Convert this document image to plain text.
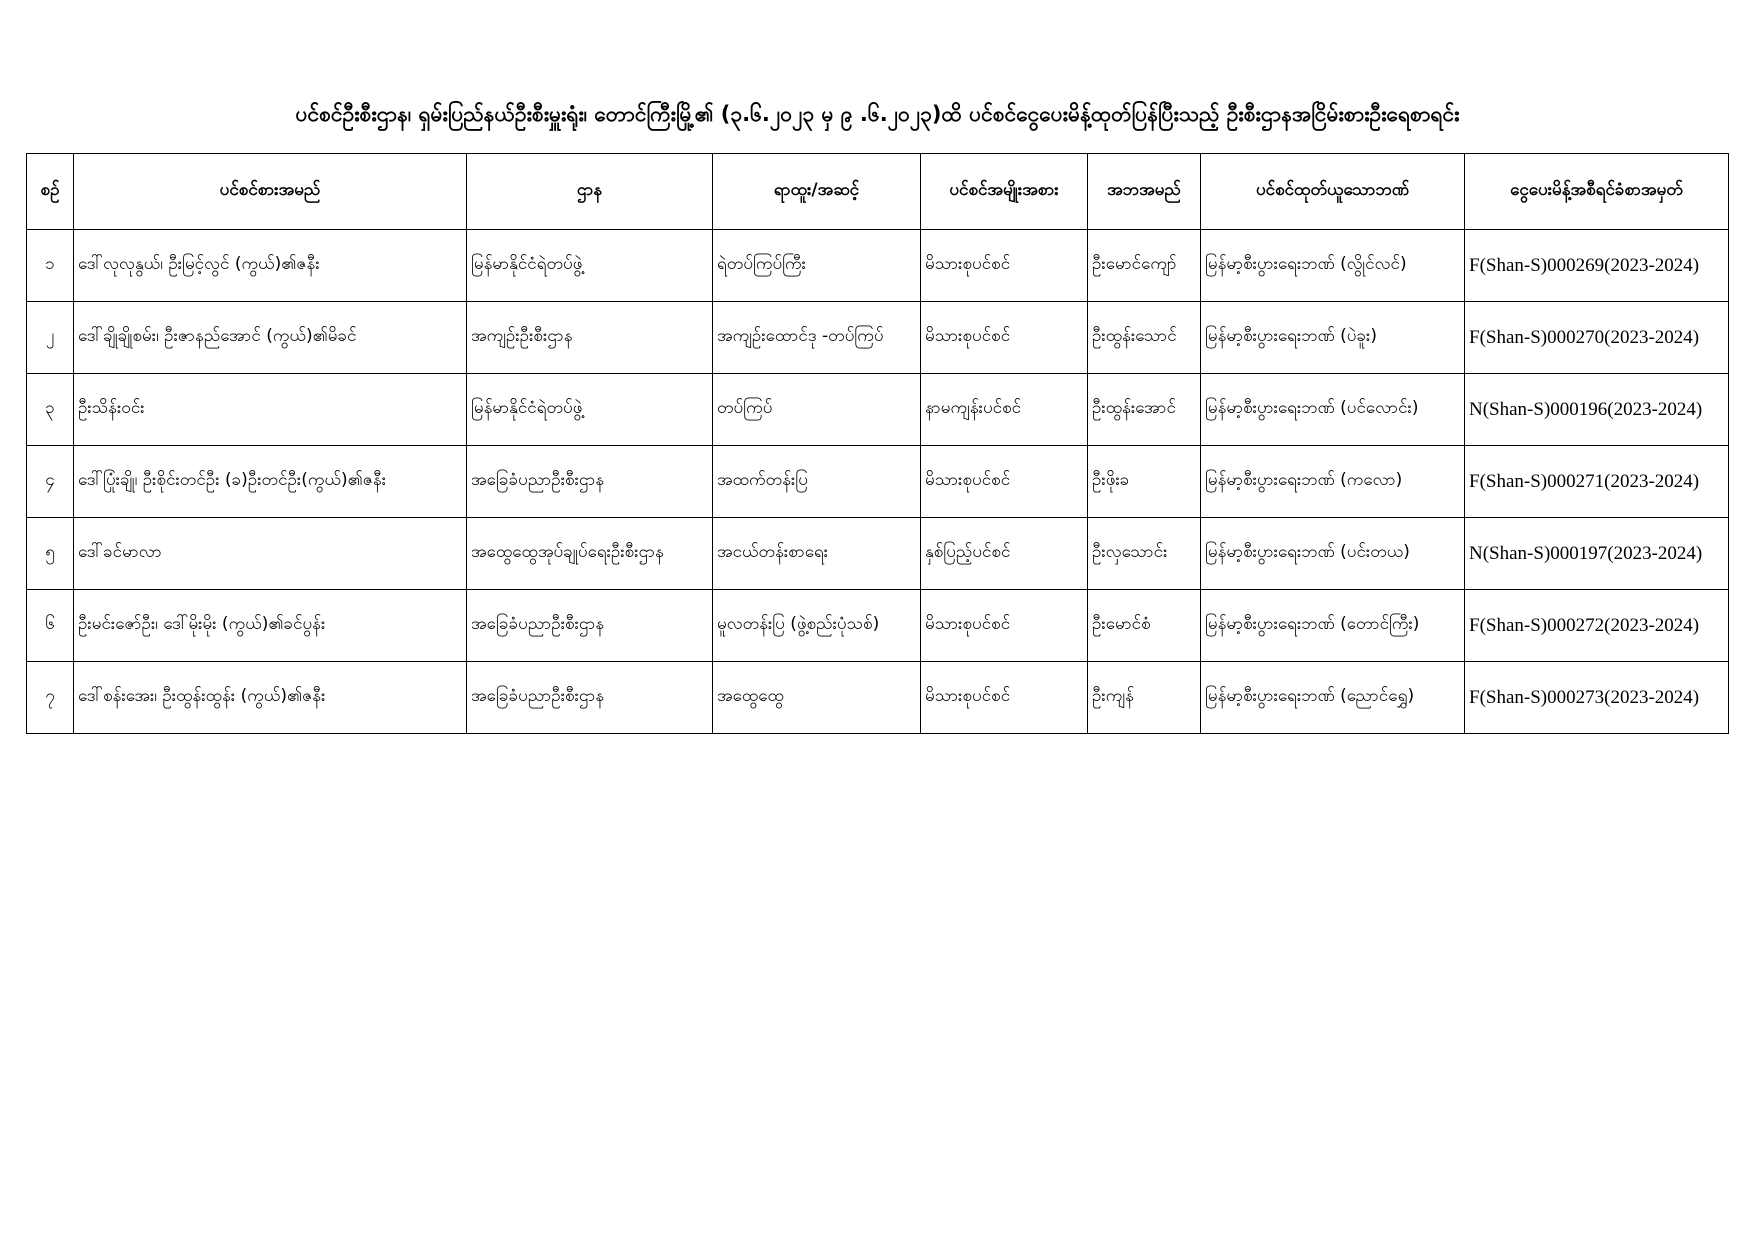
ပင်စင်ဦးစီးဌာန၊ ရှမ်းပြည်နယ်ဦးစီးမှူးရုံး၊ တောင်ကြီးမြို့၏ (၃.၆.၂၀၂၃ မှ ၉ .၆.၂၀၂၃)ထိ ပင်စင်ငွေပေးမိန့်ထုတ်ပြန်ပြီးသည့် ဦးစီးဌာနအငြိမ်းစားဦးရေစာရင်း
စဉ်	ပင်စင်စားအမည်	ဌာန	ရာထူး/အဆင့်	ပင်စင်အမျိုးအစား	အဘအမည်	ပင်စင်ထုတ်ယူသောဘဏ်	ငွေပေးမိန့်အစီရင်ခံစာအမှတ်
၁	ဒေါ်လုလုနွယ်၊ ဦးမြင့်လွင် (ကွယ်)၏ဇနီး	မြန်မာနိုင်ငံရဲတပ်ဖွဲ့	ရဲတပ်ကြပ်ကြီး	မိသားစုပင်စင်	ဦးမောင်ကျော်	မြန်မာ့စီးပွားရေးဘဏ် (လွိုင်လင်)	F(Shan-S)000269(2023-2024)
၂	ဒေါ်ချိုချိုစမ်း၊ ဦးဇာနည်အောင် (ကွယ်)၏မိခင်	အကျဉ်းဦးစီးဌာန	အကျဉ်းထောင်ဒု -တပ်ကြပ်	မိသားစုပင်စင်	ဦးထွန်းသောင်	မြန်မာ့စီးပွားရေးဘဏ် (ပဲခူး)	F(Shan-S)000270(2023-2024)
၃	ဦးသိန်းဝင်း	မြန်မာနိုင်ငံရဲတပ်ဖွဲ့	တပ်ကြပ်	နာမကျန်းပင်စင်	ဦးထွန်းအောင်	မြန်မာ့စီးပွားရေးဘဏ် (ပင်လောင်း)	N(Shan-S)000196(2023-2024)
၄	ဒေါ်ပြုံးချို၊ ဦးစိုင်းတင်ဦး (ခ)ဦးတင်ဦး(ကွယ်)၏ဇနီး	အခြေခံပညာဦးစီးဌာန	အထက်တန်းပြ	မိသားစုပင်စင်	ဦးဖိုးခ	မြန်မာ့စီးပွားရေးဘဏ် (ကလော)	F(Shan-S)000271(2023-2024)
၅	ဒေါ်ခင်မာလာ	အထွေထွေအုပ်ချုပ်ရေးဦးစီးဌာန	အငယ်တန်းစာရေး	နှစ်ပြည့်ပင်စင်	ဦးလှသောင်း	မြန်မာ့စီးပွားရေးဘဏ် (ပင်းတယ)	N(Shan-S)000197(2023-2024)
၆	ဦးမင်းဇော်ဦး၊ ဒေါ်မိုးမိုး (ကွယ်)၏ခင်ပွန်း	အခြေခံပညာဦးစီးဌာန	မူလတန်းပြ (ဖွဲ့စည်းပုံသစ်)	မိသားစုပင်စင်	ဦးမောင်စံ	မြန်မာ့စီးပွားရေးဘဏ် (တောင်ကြီး)	F(Shan-S)000272(2023-2024)
၇	ဒေါ်စန်းအေး၊ ဦးထွန်းထွန်း (ကွယ်)၏ဇနီး	အခြေခံပညာဦးစီးဌာန	အထွေထွေ	မိသားစုပင်စင်	ဦးကျန်	မြန်မာ့စီးပွားရေးဘဏ် (ညောင်ရွှေ)	F(Shan-S)000273(2023-2024)
